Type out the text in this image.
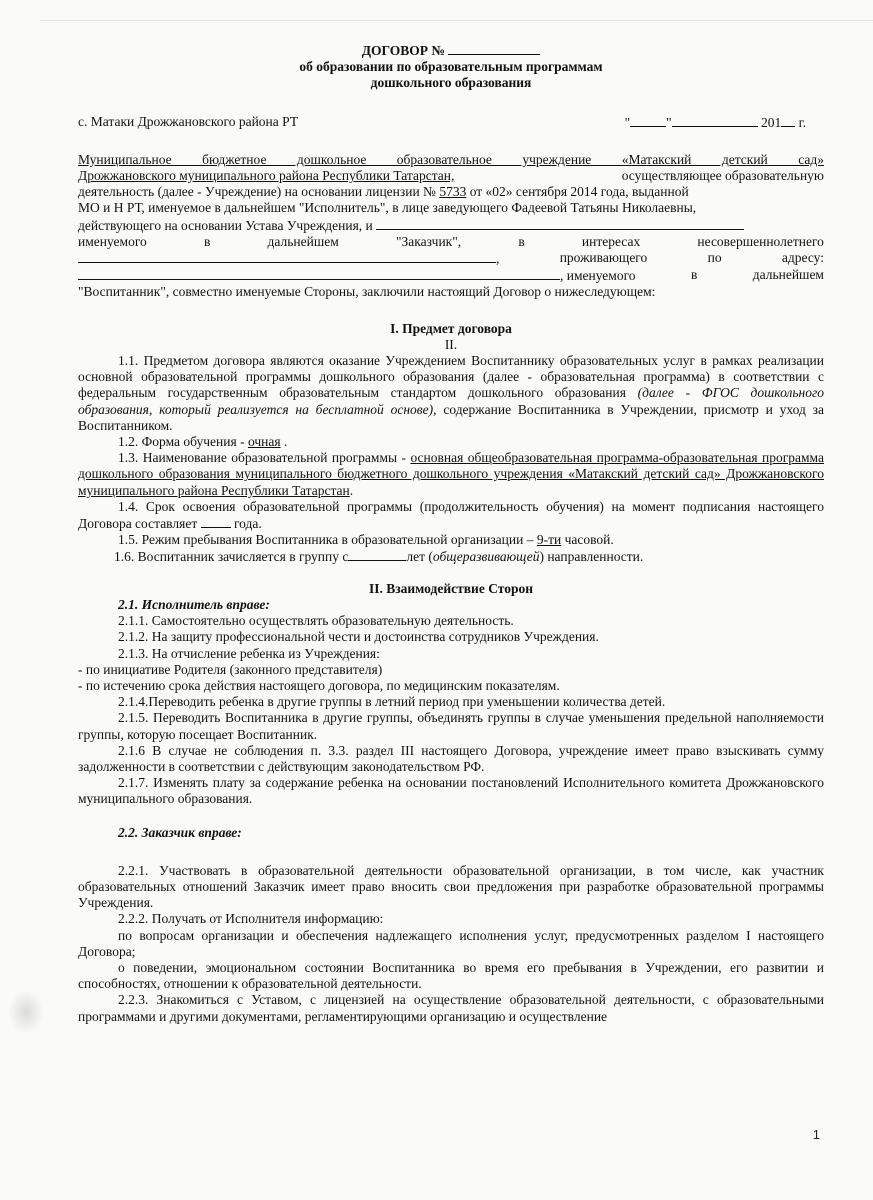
ДОГОВОР №
об образовании по образовательным программам
дошкольного образования
с. Матаки Дрожжановского района РТ	"	"	201 г.
Муниципальное бюджетное дошкольное образовательное учреждение «Матакский детский сад»
Дрожжановского муниципального района Республики Татарстан,	осуществляющее образовательную
деятельность (далее - Учреждение) на основании лицензии № 5733 от «02» сентября 2014 года, выданной
МО и Н РТ, именуемое в дальнейшем "Исполнитель", в лице заведующего Фадеевой Татьяны Николаевны,
действующего на основании Устава Учреждения, и
именуемого	в	дальнейшем	"Заказчик",	в	интересах	несовершеннолетнего
,	проживающего	по	адресу:
, именуемого	в	дальнейшем
"Воспитанник", совместно именуемые Стороны, заключили настоящий Договор о нижеследующем:
I. Предмет договора
II.

1.1. Предметом договора являются оказание Учреждением Воспитаннику образовательных услуг в рамках реализации основной образовательной программы дошкольного образования (далее - образовательная программа) в соответствии с федеральным государственным образовательным стандартом дошкольного образования (далее - ФГОС дошкольного образования, который реализуется на бесплатной основе), содержание Воспитанника в Учреждении, присмотр и уход за Воспитанником.

1.2. Форма обучения - очная .

1.3. Наименование образовательной программы - основная общеобразовательная программа-образовательная программа дошкольного образования муниципального бюджетного дошкольного учреждения «Матакский детский сад» Дрожжановского муниципального района Республики Татарстан.

1.4. Срок освоения образовательной программы (продолжительность обучения) на момент подписания настоящего Договора составляет  года.

1.5. Режим пребывания Воспитанника в образовательной организации – 9-ти часовой.

1.6. Воспитанник зачисляется в группу с	лет (общеразвивающей) направленности.

II. Взаимодействие Сторон
2.1. Исполнитель вправе:

2.1.1. Самостоятельно осуществлять образовательную деятельность.

2.1.2. На защиту профессиональной чести и достоинства сотрудников Учреждения.

2.1.3. На отчисление ребенка из Учреждения:

- по инициативе Родителя (законного представителя)

- по истечению срока действия настоящего договора, по медицинским показателям.

2.1.4.Переводить ребенка в другие группы в летний период при уменьшении количества детей.

2.1.5. Переводить Воспитанника в другие группы, объединять группы в случае уменьшения предельной наполняемости группы, которую посещает Воспитанник.

2.1.6 В случае не соблюдения п. 3.3. раздел III настоящего Договора, учреждение имеет право взыскивать сумму задолженности в соответствии с действующим законодательством РФ.

2.1.7. Изменять плату за содержание ребенка на основании постановлений Исполнительного комитета Дрожжановского муниципального образования.

2.2. Заказчик вправе:

2.2.1. Участвовать в образовательной деятельности образовательной организации, в том числе, как участник образовательных отношений Заказчик имеет право вносить свои предложения при разработке образовательной программы Учреждения.

2.2.2. Получать от Исполнителя информацию:

по вопросам организации и обеспечения надлежащего исполнения услуг, предусмотренных разделом I настоящего Договора;

о поведении, эмоциональном состоянии Воспитанника во время его пребывания в Учреждении, его развитии и способностях, отношении к образовательной деятельности.

2.2.3. Знакомиться с Уставом, с лицензией на осуществление образовательной деятельности, с образовательными программами и другими документами, регламентирующими организацию и осуществление

1
